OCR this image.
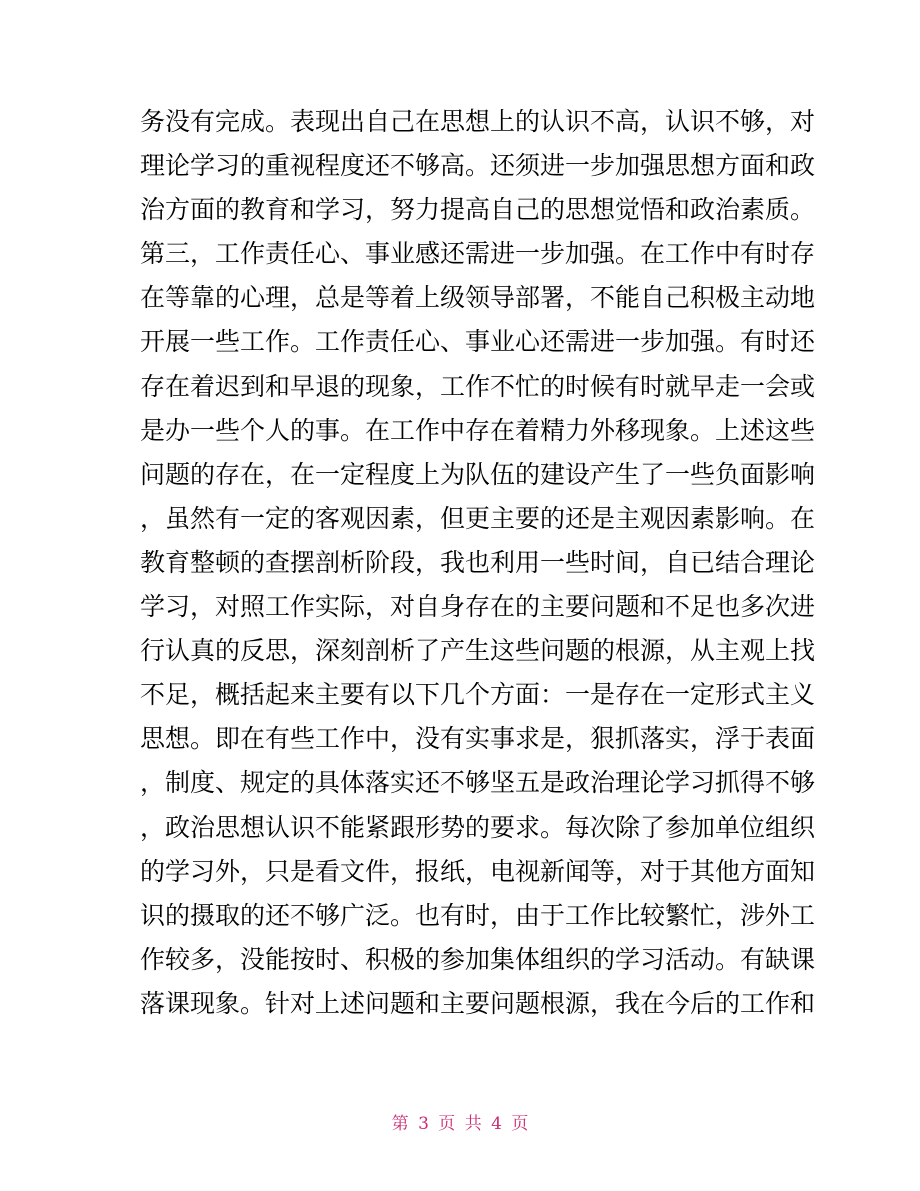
务没有完成。表现出自己在思想上的认识不高，认识不够，对
理论学习的重视程度还不够高。还须进一步加强思想方面和政
治方面的教育和学习，努力提高自己的思想觉悟和政治素质。
第三，工作责任心、事业感还需进一步加强。在工作中有时存
在等靠的心理，总是等着上级领导部署，不能自己积极主动地
开展一些工作。工作责任心、事业心还需进一步加强。有时还
存在着迟到和早退的现象，工作不忙的时候有时就早走一会或
是办一些个人的事。在工作中存在着精力外移现象。上述这些
问题的存在，在一定程度上为队伍的建设产生了一些负面影响
，虽然有一定的客观因素，但更主要的还是主观因素影响。在
教育整顿的查摆剖析阶段，我也利用一些时间，自已结合理论
学习，对照工作实际，对自身存在的主要问题和不足也多次进
行认真的反思，深刻剖析了产生这些问题的根源，从主观上找
不足，概括起来主要有以下几个方面：一是存在一定形式主义
思想。即在有些工作中，没有实事求是，狠抓落实，浮于表面
，制度、规定的具体落实还不够坚五是政治理论学习抓得不够
，政治思想认识不能紧跟形势的要求。每次除了参加单位组织
的学习外，只是看文件，报纸，电视新闻等，对于其他方面知
识的摄取的还不够广泛。也有时，由于工作比较繁忙，涉外工
作较多，没能按时、积极的参加集体组织的学习活动。有缺课
落课现象。针对上述问题和主要问题根源，我在今后的工作和
第 3 页 共 4 页
